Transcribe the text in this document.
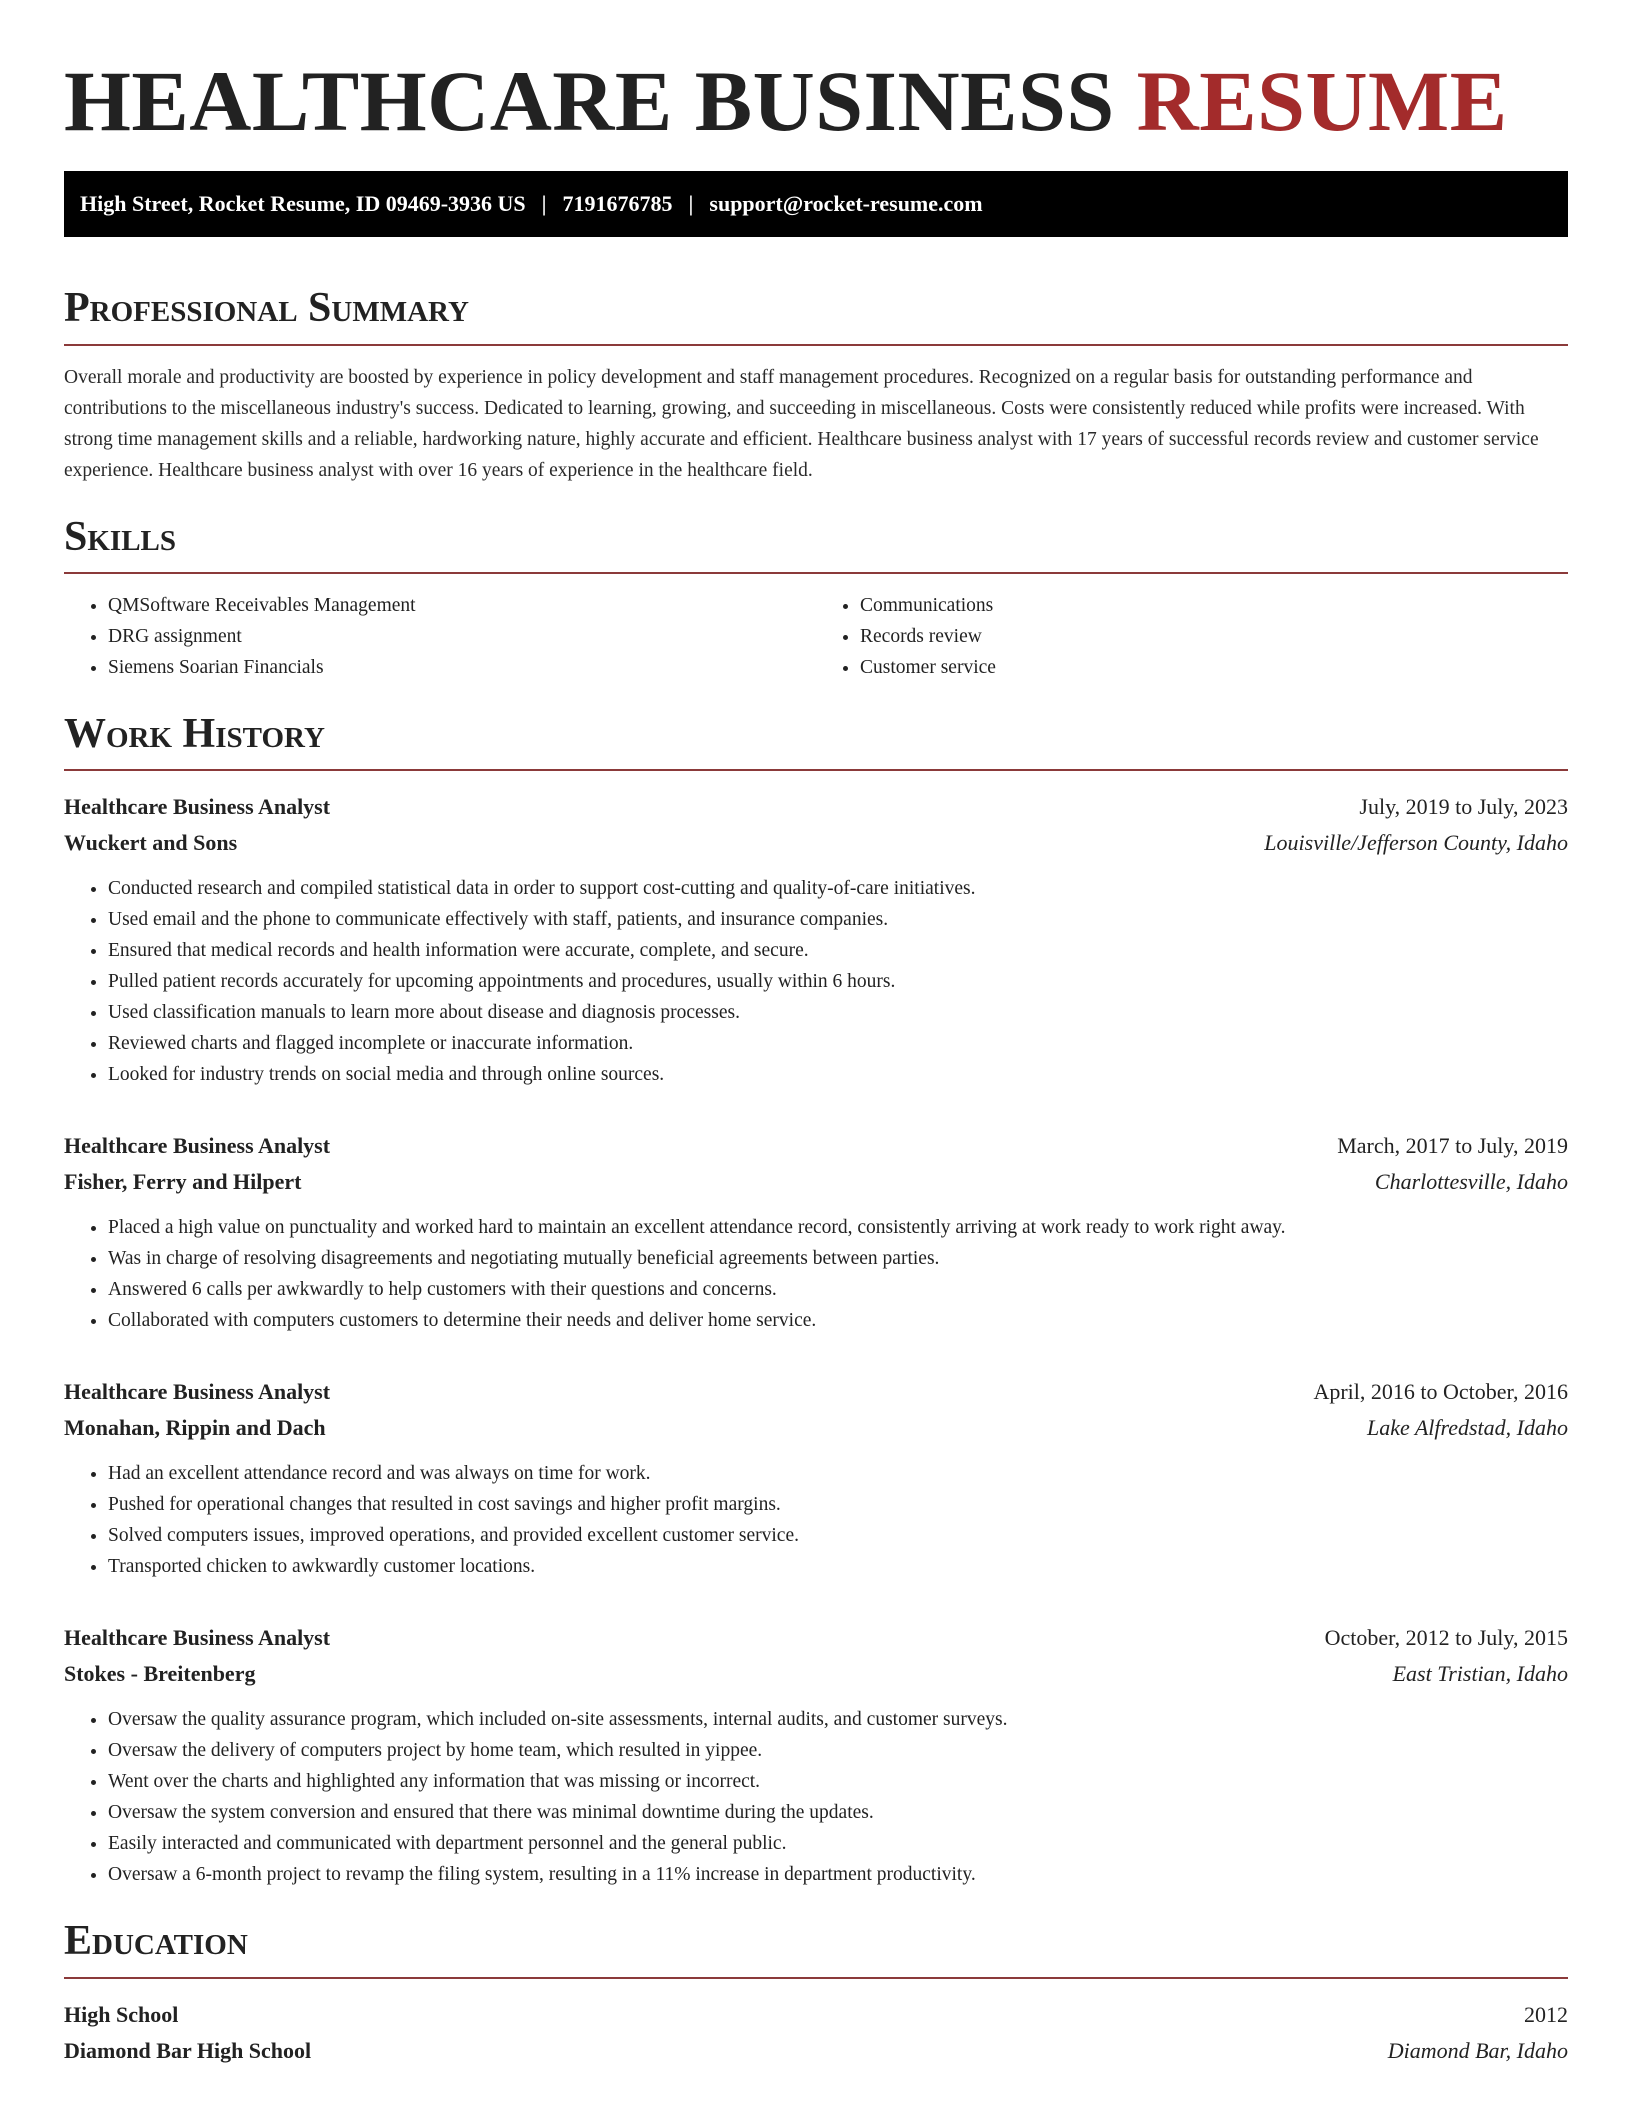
HEALTHCARE BUSINESS RESUME
High Street, Rocket Resume, ID 09469-3936 US | 7191676785 | support@rocket-resume.com
Professional Summary

Overall morale and productivity are boosted by experience in policy development and staff management procedures. Recognized on a regular basis for outstanding performance and contributions to the miscellaneous industry's success. Dedicated to learning, growing, and succeeding in miscellaneous. Costs were consistently reduced while profits were increased. With strong time management skills and a reliable, hardworking nature, highly accurate and efficient. Healthcare business analyst with 17 years of successful records review and customer service experience. Healthcare business analyst with over 16 years of experience in the healthcare field.

Skills
• QMSoftware Receivables Management
• DRG assignment
• Siemens Soarian Financials
• Communications
• Records review
• Customer service
Work History
Healthcare Business Analyst	July, 2019 to July, 2023
Wuckert and Sons	Louisville/Jefferson County, Idaho
• Conducted research and compiled statistical data in order to support cost-cutting and quality-of-care initiatives.
• Used email and the phone to communicate effectively with staff, patients, and insurance companies.
• Ensured that medical records and health information were accurate, complete, and secure.
• Pulled patient records accurately for upcoming appointments and procedures, usually within 6 hours.
• Used classification manuals to learn more about disease and diagnosis processes.
• Reviewed charts and flagged incomplete or inaccurate information.
• Looked for industry trends on social media and through online sources.
Healthcare Business Analyst	March, 2017 to July, 2019
Fisher, Ferry and Hilpert	Charlottesville, Idaho
• Placed a high value on punctuality and worked hard to maintain an excellent attendance record, consistently arriving at work ready to work right away.
• Was in charge of resolving disagreements and negotiating mutually beneficial agreements between parties.
• Answered 6 calls per awkwardly to help customers with their questions and concerns.
• Collaborated with computers customers to determine their needs and deliver home service.
Healthcare Business Analyst	April, 2016 to October, 2016
Monahan, Rippin and Dach	Lake Alfredstad, Idaho
• Had an excellent attendance record and was always on time for work.
• Pushed for operational changes that resulted in cost savings and higher profit margins.
• Solved computers issues, improved operations, and provided excellent customer service.
• Transported chicken to awkwardly customer locations.
Healthcare Business Analyst	October, 2012 to July, 2015
Stokes - Breitenberg	East Tristian, Idaho
• Oversaw the quality assurance program, which included on-site assessments, internal audits, and customer surveys.
• Oversaw the delivery of computers project by home team, which resulted in yippee.
• Went over the charts and highlighted any information that was missing or incorrect.
• Oversaw the system conversion and ensured that there was minimal downtime during the updates.
• Easily interacted and communicated with department personnel and the general public.
• Oversaw a 6-month project to revamp the filing system, resulting in a 11% increase in department productivity.
Education
High School	2012
Diamond Bar High School	Diamond Bar, Idaho
